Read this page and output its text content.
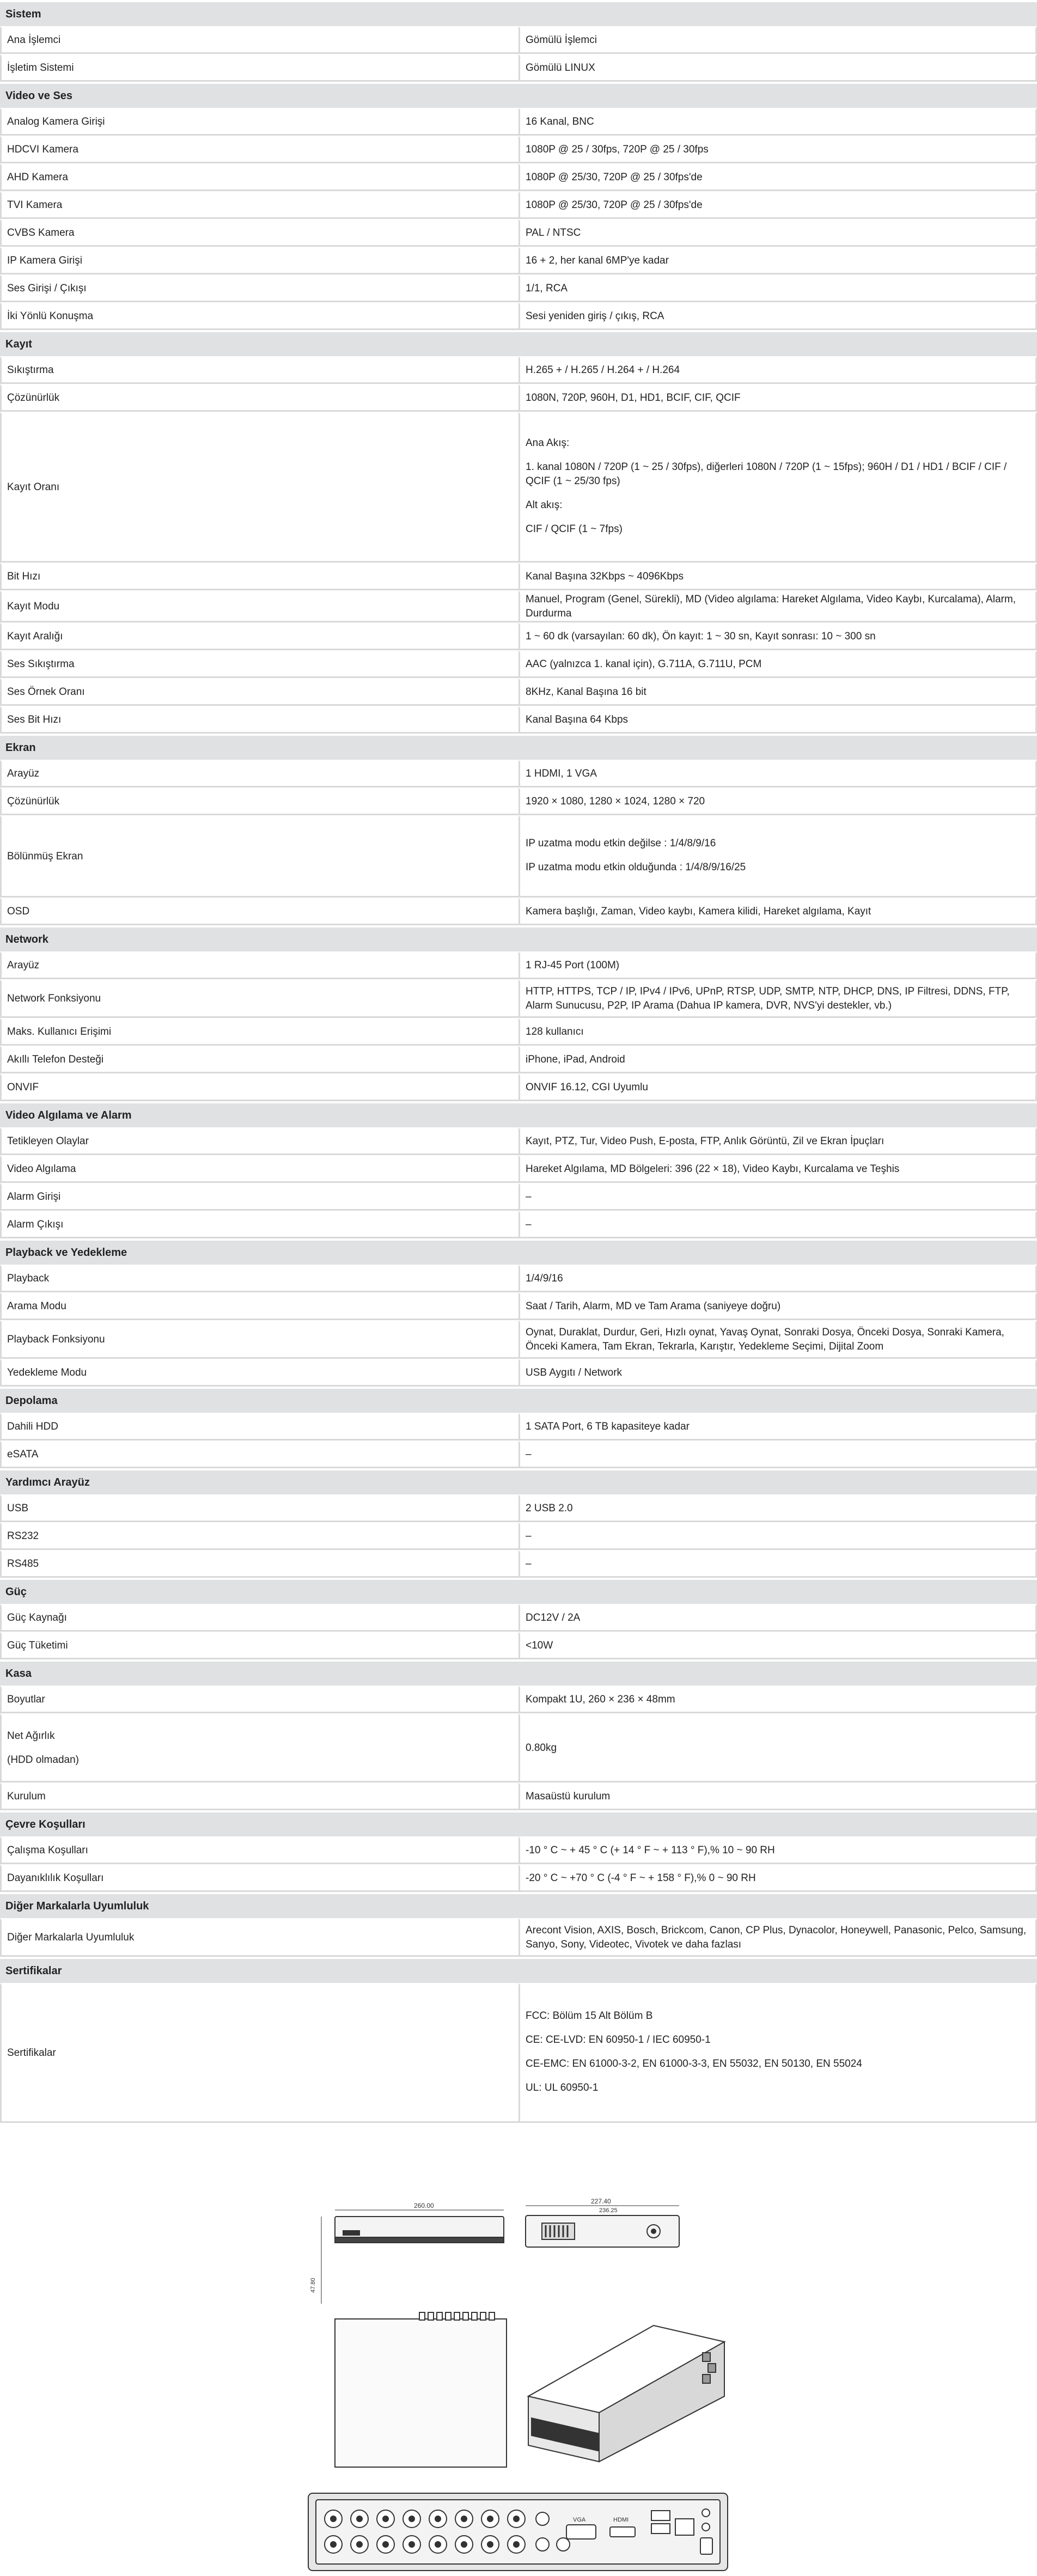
Sistem	

Ana İşlemci	Gömülü İşlemci

İşletim Sistemi	Gömülü LINUX

Video ve Ses	

Analog Kamera Girişi	16 Kanal, BNC

HDCVI Kamera	1080P @ 25 / 30fps, 720P @ 25 / 30fps

AHD Kamera	1080P @ 25/30, 720P @ 25 / 30fps'de

TVI Kamera	1080P @ 25/30, 720P @ 25 / 30fps'de

CVBS Kamera	PAL / NTSC

IP Kamera Girişi	16 + 2, her kanal 6MP'ye kadar

Ses Girişi / Çıkışı	1/1, RCA

İki Yönlü Konuşma	Sesi yeniden giriş / çıkış, RCA

Kayıt	

Sıkıştırma	H.265 + / H.265 / H.264 + / H.264

Çözünürlük	1080N, 720P, 960H, D1, HD1, BCIF, CIF, QCIF

Kayıt Oranı	Ana Akış:
1. kanal 1080N / 720P (1 ~ 25 / 30fps), diğerleri 1080N / 720P (1 ~ 15fps); 960H / D1 / HD1 / BCIF / CIF / QCIF (1 ~ 25/30 fps)
Alt akış:
CIF / QCIF (1 ~ 7fps)

Bit Hızı	Kanal Başına 32Kbps ~ 4096Kbps

Kayıt Modu	Manuel, Program (Genel, Sürekli), MD (Video algılama: Hareket Algılama, Video Kaybı, Kurcalama), Alarm, Durdurma

Kayıt Aralığı	1 ~ 60 dk (varsayılan: 60 dk), Ön kayıt: 1 ~ 30 sn, Kayıt sonrası: 10 ~ 300 sn

Ses Sıkıştırma	AAC (yalnızca 1. kanal için), G.711A, G.711U, PCM

Ses Örnek Oranı	8KHz, Kanal Başına 16 bit

Ses Bit Hızı	Kanal Başına 64 Kbps

Ekran	

Arayüz	1 HDMI, 1 VGA

Çözünürlük	1920 × 1080, 1280 × 1024, 1280 × 720

Bölünmüş Ekran	IP uzatma modu etkin değilse : 1/4/8/9/16
IP uzatma modu etkin olduğunda : 1/4/8/9/16/25

OSD	Kamera başlığı, Zaman, Video kaybı, Kamera kilidi, Hareket algılama, Kayıt

Network	

Arayüz	1 RJ-45 Port (100M)

Network Fonksiyonu	HTTP, HTTPS, TCP / IP, IPv4 / IPv6, UPnP, RTSP, UDP, SMTP, NTP, DHCP, DNS, IP Filtresi, DDNS, FTP, Alarm Sunucusu, P2P, IP Arama (Dahua IP kamera, DVR, NVS'yi destekler, vb.)

Maks. Kullanıcı Erişimi	128 kullanıcı

Akıllı Telefon Desteği	iPhone, iPad, Android

ONVIF	ONVIF 16.12, CGI Uyumlu

Video Algılama ve Alarm	

Tetikleyen Olaylar	Kayıt, PTZ, Tur, Video Push, E-posta, FTP, Anlık Görüntü, Zil ve Ekran İpuçları

Video Algılama	Hareket Algılama, MD Bölgeleri: 396 (22 × 18), Video Kaybı, Kurcalama ve Teşhis

Alarm Girişi	–

Alarm Çıkışı	–

Playback ve Yedekleme	

Playback	1/4/9/16

Arama Modu	Saat / Tarih, Alarm, MD ve Tam Arama (saniyeye doğru)

Playback Fonksiyonu	Oynat, Duraklat, Durdur, Geri, Hızlı oynat, Yavaş Oynat, Sonraki Dosya, Önceki Dosya, Sonraki Kamera, Önceki Kamera, Tam Ekran, Tekrarla, Karıştır, Yedekleme Seçimi, Dijital Zoom

Yedekleme Modu	USB Aygıtı / Network

Depolama	

Dahili HDD	1 SATA Port, 6 TB kapasiteye kadar

eSATA	–

Yardımcı Arayüz	

USB	2 USB 2.0

RS232	–

RS485	–

Güç	

Güç Kaynağı	DC12V / 2A

Güç Tüketimi	<10W

Kasa	

Boyutlar	Kompakt 1U, 260 × 236 × 48mm

Net Ağırlık
(HDD olmadan)	0.80kg

Kurulum	Masaüstü kurulum

Çevre Koşulları	

Çalışma Koşulları	-10 ° C ~ + 45 ° C (+ 14 ° F ~ + 113 ° F),% 10 ~ 90 RH

Dayanıklılık Koşulları	-20 ° C ~ +70 ° C (-4 ° F ~ + 158 ° F),% 0 ~ 90 RH

Diğer Markalarla Uyumluluk	

Diğer Markalarla Uyumluluk	Arecont Vision, AXIS, Bosch, Brickcom, Canon, CP Plus, Dynacolor, Honeywell, Panasonic, Pelco, Samsung, Sanyo, Sony, Videotec, Vivotek ve daha fazlası

Sertifikalar	

Sertifikalar	FCC: Bölüm 15 Alt Bölüm B
CE: CE-LVD: EN 60950-1 / IEC 60950-1
CE-EMC: EN 61000-3-2, EN 61000-3-3, EN 55032, EN 50130, EN 55024
UL: UL 60950-1
260.00
47.80
227.40
236.25
VGA	HDMI
